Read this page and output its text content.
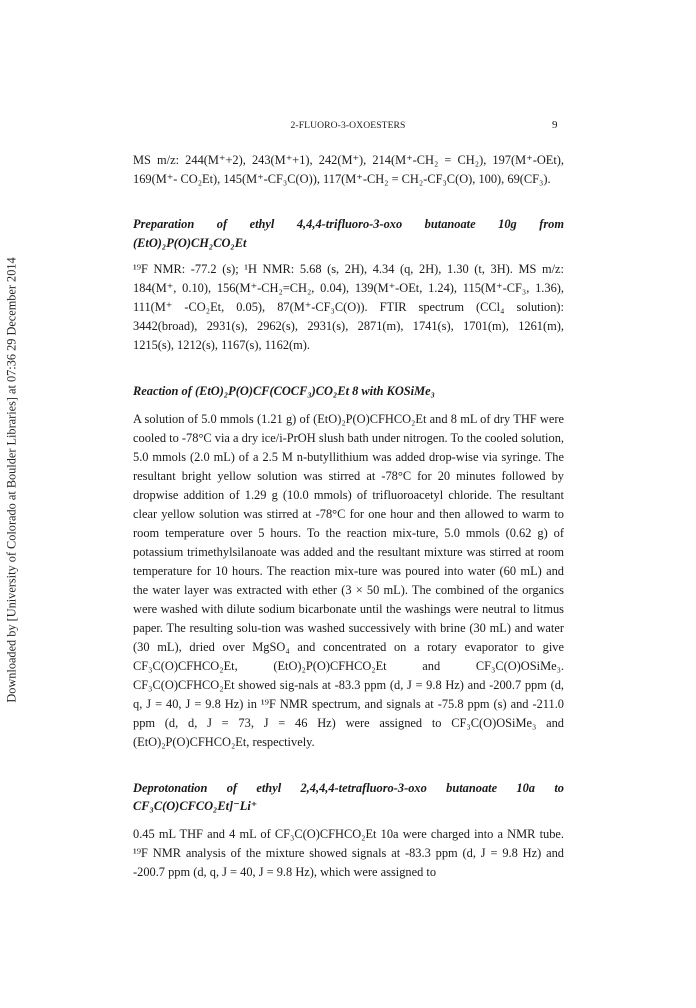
Downloaded by [University of Colorado at Boulder Libraries] at 07:36 29 December 2014
2-FLUORO-3-OXOESTERS	9

MS m/z: 244(M⁺+2), 243(M⁺+1), 242(M⁺), 214(M⁺-CH₂ = CH₂), 197(M⁺-OEt), 169(M⁺- CO₂Et), 145(M⁺-CF₃C(O)), 117(M⁺-CH₂ = CH₂-CF₃C(O), 100), 69(CF₃).

Preparation of ethyl 4,4,4-trifluoro-3-oxo butanoate 10g from (EtO)₂P(O)CH₂CO₂Et

¹⁹F NMR: -77.2 (s); ¹H NMR: 5.68 (s, 2H), 4.34 (q, 2H), 1.30 (t, 3H). MS m/z: 184(M⁺, 0.10), 156(M⁺-CH₂=CH₂, 0.04), 139(M⁺-OEt, 1.24), 115(M⁺-CF₃, 1.36), 111(M⁺ -CO₂Et, 0.05), 87(M⁺-CF₃C(O)). FTIR spectrum (CCl₄ solution): 3442(broad), 2931(s), 2962(s), 2931(s), 2871(m), 1741(s), 1701(m), 1261(m), 1215(s), 1212(s), 1167(s), 1162(m).

Reaction of (EtO)₂P(O)CF(COCF₃)CO₂Et 8 with KOSiMe₃

A solution of 5.0 mmols (1.21 g) of (EtO)₂P(O)CFHCO₂Et and 8 mL of dry THF were cooled to -78°C via a dry ice/i-PrOH slush bath under nitrogen. To the cooled solution, 5.0 mmols (2.0 mL) of a 2.5 M n-butyllithium was added drop-wise via syringe. The resultant bright yellow solution was stirred at -78°C for 20 minutes followed by dropwise addition of 1.29 g (10.0 mmols) of trifluoroacetyl chloride. The resultant clear yellow solution was stirred at -78°C for one hour and then allowed to warm to room temperature over 5 hours. To the reaction mix-ture, 5.0 mmols (0.62 g) of potassium trimethylsilanoate was added and the resultant mixture was stirred at room temperature for 10 hours. The reaction mix-ture was poured into water (60 mL) and the water layer was extracted with ether (3 × 50 mL). The combined of the organics were washed with dilute sodium bicarbonate until the washings were neutral to litmus paper. The resulting solu-tion was washed successively with brine (30 mL) and water (30 mL), dried over MgSO₄ and concentrated on a rotary evaporator to give CF₃C(O)CFHCO₂Et, (EtO)₂P(O)CFHCO₂Et and CF₃C(O)OSiMe₃. CF₃C(O)CFHCO₂Et showed sig-nals at -83.3 ppm (d, J = 9.8 Hz) and -200.7 ppm (d, q, J = 40, J = 9.8 Hz) in ¹⁹F NMR spectrum, and signals at -75.8 ppm (s) and -211.0 ppm (d, d, J = 73, J = 46 Hz) were assigned to CF₃C(O)OSiMe₃ and (EtO)₂P(O)CFHCO₂Et, respectively.

Deprotonation of ethyl 2,4,4,4-tetrafluoro-3-oxo butanoate 10a to CF₃C(O)CFCO₂Et]⁻Li⁺

0.45 mL THF and 4 mL of CF₃C(O)CFHCO₂Et 10a were charged into a NMR tube. ¹⁹F NMR analysis of the mixture showed signals at -83.3 ppm (d, J = 9.8 Hz) and -200.7 ppm (d, q, J = 40, J = 9.8 Hz), which were assigned to
